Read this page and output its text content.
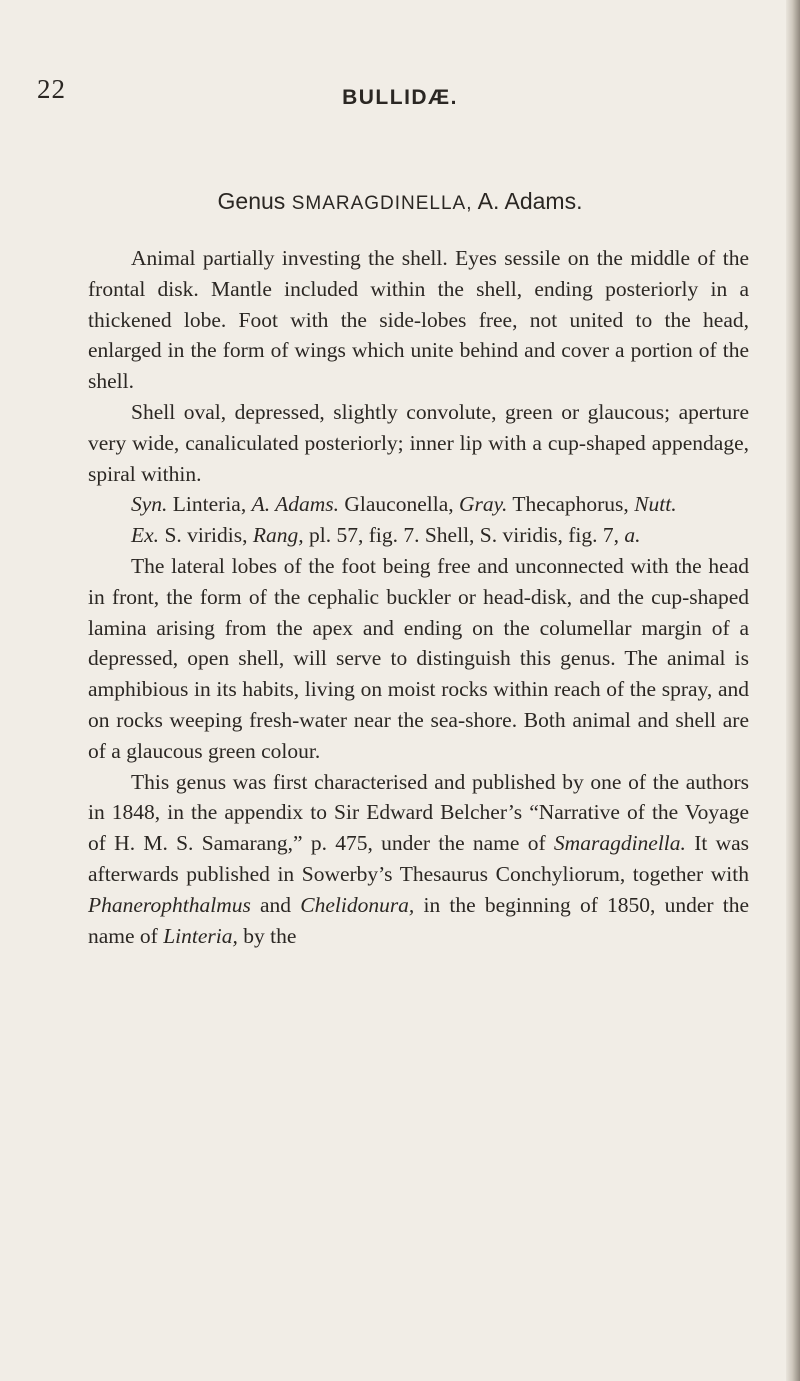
22	BULLIDÆ.
Genus SMARAGDINELLA, A. Adams.

Animal partially investing the shell. Eyes sessile on the middle of the frontal disk. Mantle included within the shell, ending posteriorly in a thickened lobe. Foot with the side-lobes free, not united to the head, enlarged in the form of wings which unite behind and cover a portion of the shell.

Shell oval, depressed, slightly convolute, green or glaucous; aperture very wide, canaliculated posteriorly; inner lip with a cup-shaped appendage, spiral within.

Syn. Linteria, A. Adams. Glauconella, Gray. Thecaphorus, Nutt.

Ex. S. viridis, Rang, pl. 57, fig. 7. Shell, S. viridis, fig. 7, a.

The lateral lobes of the foot being free and unconnected with the head in front, the form of the cephalic buckler or head-disk, and the cup-shaped lamina arising from the apex and ending on the columellar margin of a depressed, open shell, will serve to distinguish this genus. The animal is amphibious in its habits, living on moist rocks within reach of the spray, and on rocks weeping fresh-water near the sea-shore. Both animal and shell are of a glaucous green colour.

This genus was first characterised and published by one of the authors in 1848, in the appendix to Sir Edward Belcher’s “Narrative of the Voyage of H. M. S. Samarang,” p. 475, under the name of Smaragdinella. It was afterwards published in Sowerby’s Thesaurus Conchyliorum, together with Phanerophthalmus and Chelidonura, in the beginning of 1850, under the name of Linteria, by the
